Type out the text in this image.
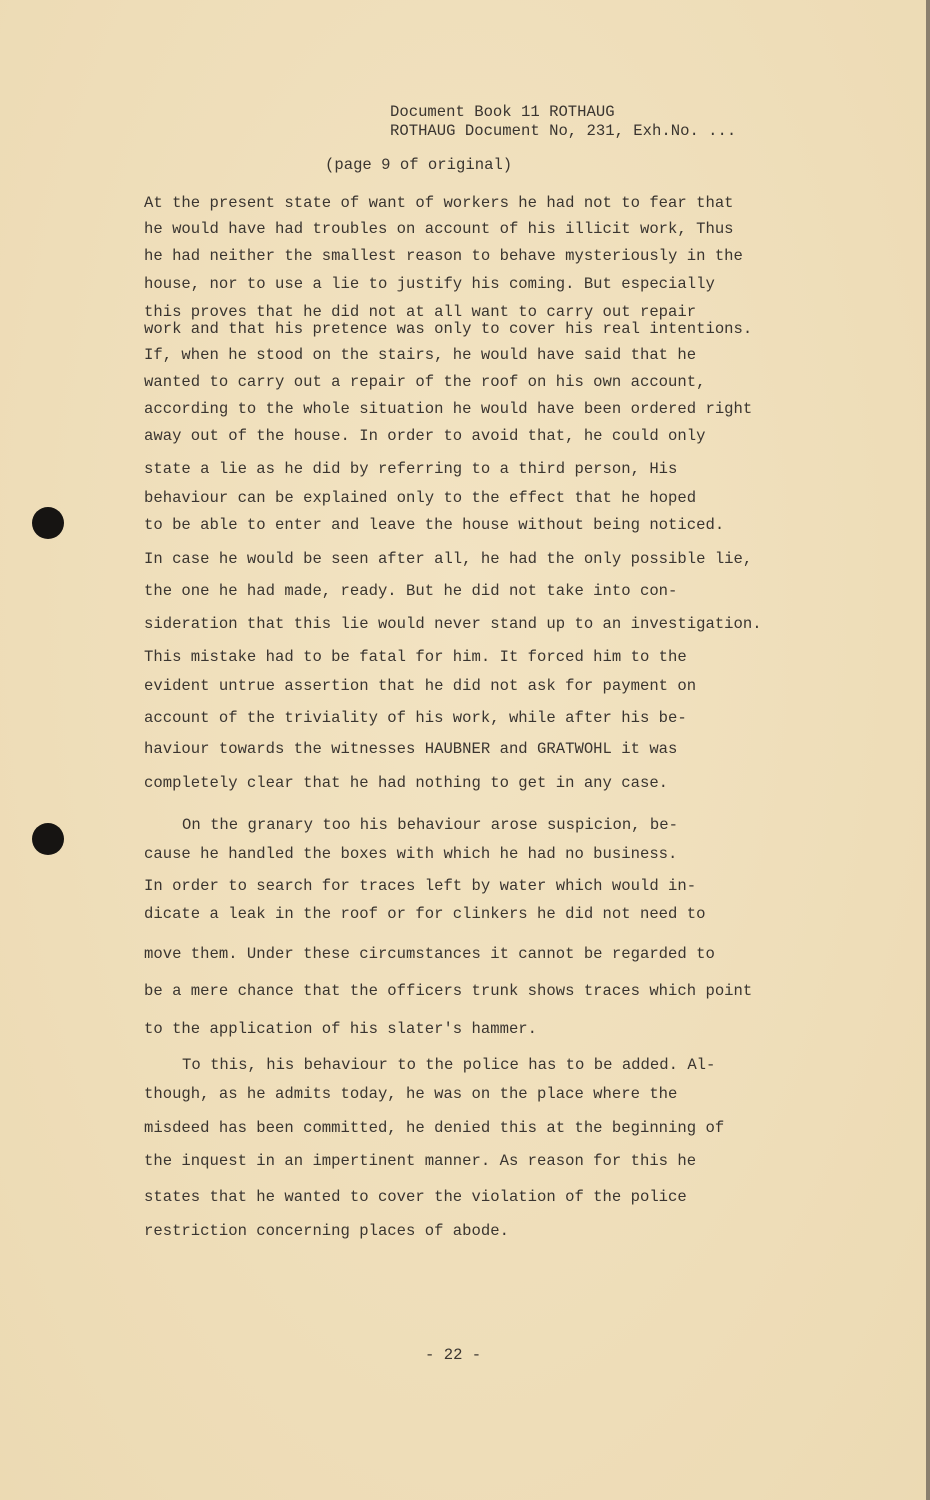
Document Book 11 ROTHAUG
ROTHAUG Document No, 231, Exh.No. ...
(page 9 of original)
At the present state of want of workers he had not to fear that
he would have had troubles on account of his illicit work, Thus
he had neither the smallest reason to behave mysteriously in the
house, nor to use a lie to justify his coming. But especially
this proves that he did not at all want to carry out repair
work and that his pretence was only to cover his real intentions.
If, when he stood on the stairs, he would have said that he
wanted to carry out a repair of the roof on his own account,
according to the whole situation he would have been ordered right
away out of the house. In order to avoid that, he could only
state a lie as he did by referring to a third person, His
behaviour can be explained only to the effect that he hoped
to be able to enter and leave the house without being noticed.
In case he would be seen after all, he had the only possible lie,
the one he had made, ready. But he did not take into con-
sideration that this lie would never stand up to an investigation.
This mistake had to be fatal for him. It forced him to the
evident untrue assertion that he did not ask for payment on
account of the triviality of his work, while after his be-
haviour towards the witnesses HAUBNER and GRATWOHL it was
completely clear that he had nothing to get in any case.
On the granary too his behaviour arose suspicion, be-
cause he handled the boxes with which he had no business.
In order to search for traces left by water which would in-
dicate a leak in the roof or for clinkers he did not need to
move them. Under these circumstances it cannot be regarded to
be a mere chance that the officers trunk shows traces which point
to the application of his slater's hammer.
To this, his behaviour to the police has to be added. Al-
though, as he admits today, he was on the place where the
misdeed has been committed, he denied this at the beginning of
the inquest in an impertinent manner. As reason for this he
states that he wanted to cover the violation of the police
restriction concerning places of abode.
- 22 -
